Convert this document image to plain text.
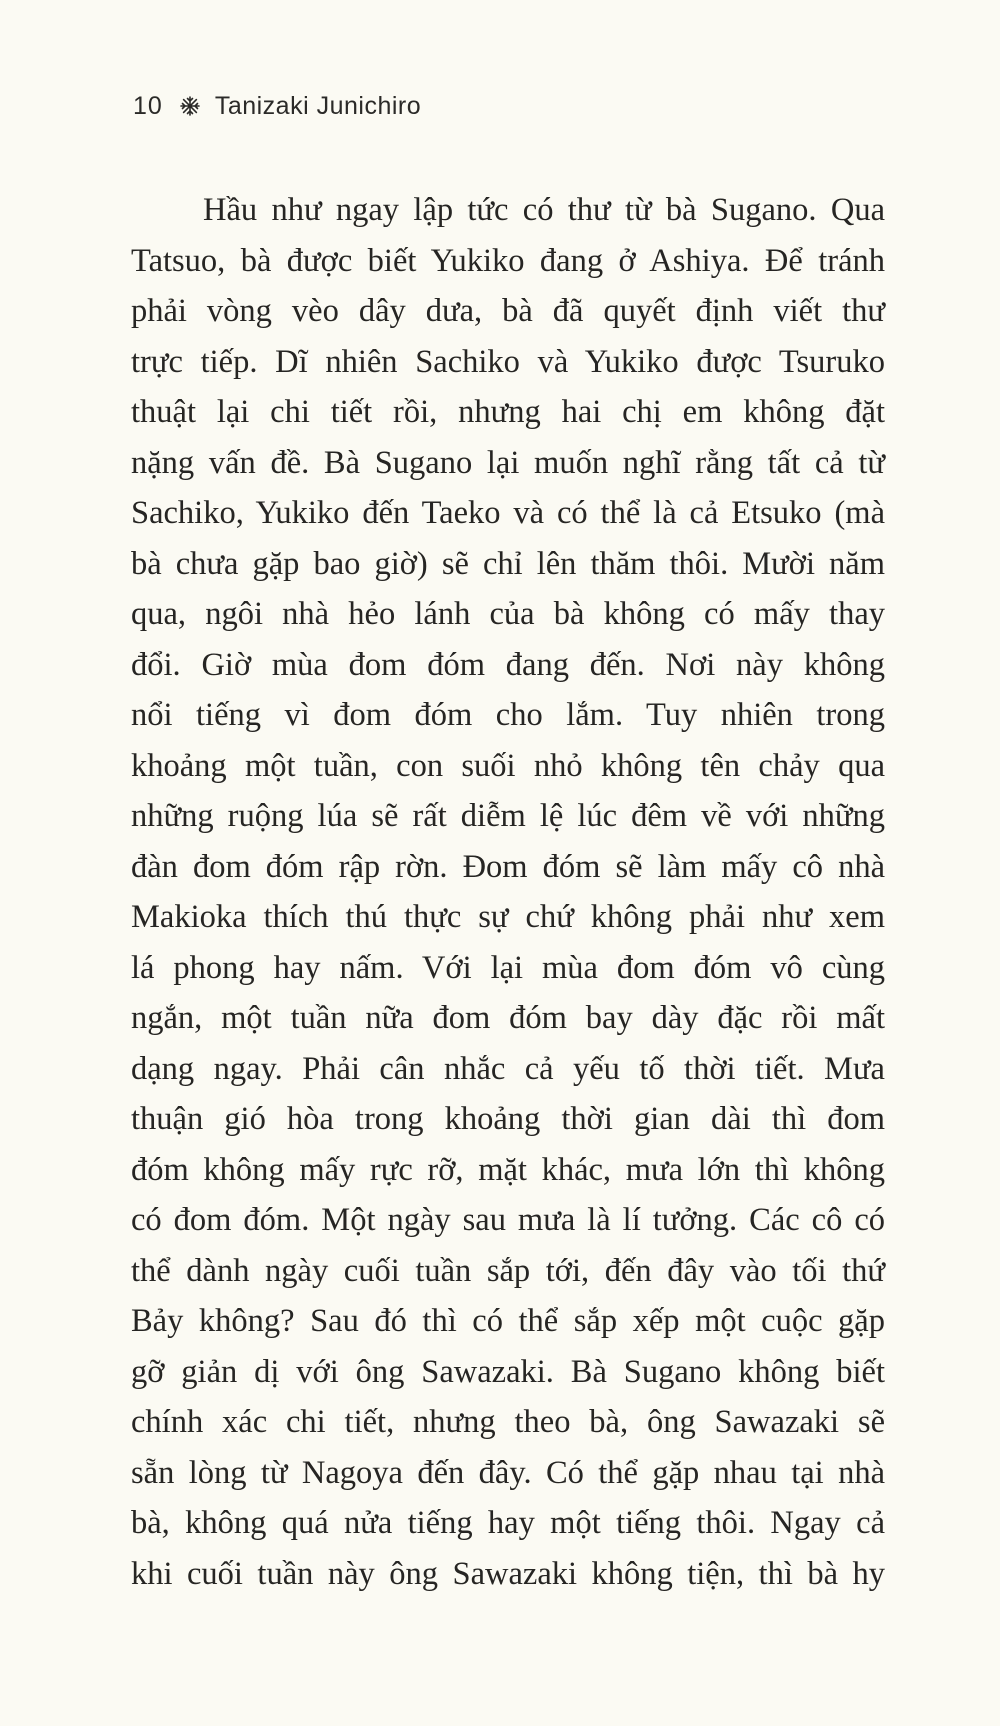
10 Tanizaki Junichiro
Hầu như ngay lập tức có thư từ bà Sugano. Qua
Tatsuo, bà được biết Yukiko đang ở Ashiya. Để tránh
phải vòng vèo dây dưa, bà đã quyết định viết thư
trực tiếp. Dĩ nhiên Sachiko và Yukiko được Tsuruko
thuật lại chi tiết rồi, nhưng hai chị em không đặt
nặng vấn đề. Bà Sugano lại muốn nghĩ rằng tất cả từ
Sachiko, Yukiko đến Taeko và có thể là cả Etsuko (mà
bà chưa gặp bao giờ) sẽ chỉ lên thăm thôi. Mười năm
qua, ngôi nhà hẻo lánh của bà không có mấy thay
đổi. Giờ mùa đom đóm đang đến. Nơi này không
nổi tiếng vì đom đóm cho lắm. Tuy nhiên trong
khoảng một tuần, con suối nhỏ không tên chảy qua
những ruộng lúa sẽ rất diễm lệ lúc đêm về với những
đàn đom đóm rập rờn. Đom đóm sẽ làm mấy cô nhà
Makioka thích thú thực sự chứ không phải như xem
lá phong hay nấm. Với lại mùa đom đóm vô cùng
ngắn, một tuần nữa đom đóm bay dày đặc rồi mất
dạng ngay. Phải cân nhắc cả yếu tố thời tiết. Mưa
thuận gió hòa trong khoảng thời gian dài thì đom
đóm không mấy rực rỡ, mặt khác, mưa lớn thì không
có đom đóm. Một ngày sau mưa là lí tưởng. Các cô có
thể dành ngày cuối tuần sắp tới, đến đây vào tối thứ
Bảy không? Sau đó thì có thể sắp xếp một cuộc gặp
gỡ giản dị với ông Sawazaki. Bà Sugano không biết
chính xác chi tiết, nhưng theo bà, ông Sawazaki sẽ
sẵn lòng từ Nagoya đến đây. Có thể gặp nhau tại nhà
bà, không quá nửa tiếng hay một tiếng thôi. Ngay cả
khi cuối tuần này ông Sawazaki không tiện, thì bà hy
